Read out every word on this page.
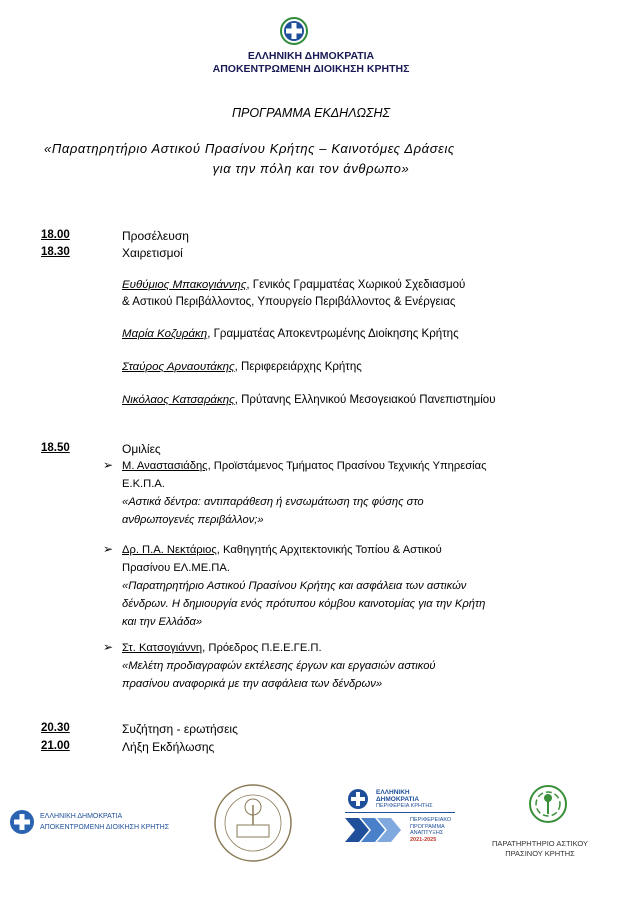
ΕΛΛΗΝΙΚΗ ΔΗΜΟΚΡΑΤΙΑ
ΑΠΟΚΕΝΤΡΩΜΕΝΗ ΔΙΟΙΚΗΣΗ ΚΡΗΤΗΣ
ΠΡΟΓΡΑΜΜΑ ΕΚΔΗΛΩΣΗΣ
«Παρατηρητήριο Αστικού Πρασίνου Κρήτης – Καινοτόμες Δράσεις
για την πόλη και τον άνθρωπο»
18.00	Προσέλευση
18.30	Χαιρετισμοί
Ευθύμιος Μπακογιάννης, Γενικός Γραμματέας Χωρικού Σχεδιασμού
& Αστικού Περιβάλλοντος, Υπουργείο Περιβάλλοντος & Ενέργειας
Μαρία Κοζυράκη, Γραμματέας Αποκεντρωμένης Διοίκησης Κρήτης
Σταύρος Αρναουτάκης, Περιφερειάρχης Κρήτης
Νικόλαος Κατσαράκης, Πρύτανης Ελληνικού Μεσογειακού Πανεπιστημίου
18.50	Ομιλίες
➢ Μ. Αναστασιάδης, Προϊστάμενος Τμήματος Πρασίνου Τεχνικής Υπηρεσίας
Ε.Κ.Π.Α.
«Αστικά δέντρα: αντιπαράθεση ή ενσωμάτωση της φύσης στο
ανθρωπογενές περιβάλλον;»
➢ Δρ. Π.Α. Νεκτάριος, Καθηγητής Αρχιτεκτονικής Τοπίου & Αστικού
Πρασίνου ΕΛ.ΜΕ.ΠΑ.
«Παρατηρητήριο Αστικού Πρασίνου Κρήτης και ασφάλεια των αστικών
δένδρων. Η δημιουργία ενός πρότυπου κόμβου καινοτομίας για την Κρήτη
και την Ελλάδα»
➢ Στ. Κατσογιάννη, Πρόεδρος Π.Ε.Ε.ΓΕ.Π.
«Μελέτη προδιαγραφών εκτέλεσης έργων και εργασιών αστικού
πρασίνου αναφορικά με την ασφάλεια των δένδρων»
20.30	Συζήτηση - ερωτήσεις
21.00	Λήξη Εκδήλωσης
ΕΛΛΗΝΙΚΗ ΔΗΜΟΚΡΑΤΙΑ
ΑΠΟΚΕΝΤΡΩΜΕΝΗ ΔΙΟΙΚΗΣΗ ΚΡΗΤΗΣ
ΕΛΛΗΝΙΚΗ
ΔΗΜΟΚΡΑΤΙΑ
ΠΕΡΙΦΕΡΕΙΑ ΚΡΗΤΗΣ
ΠΕΡΙΦΕΡΕΙΑΚΟ
ΠΡΟΓΡΑΜΜΑ
ΑΝΑΠΤΥΞΗΣ
2021-2025	ΠΑΡΑΤΗΡΗΤΗΡΙΟ ΑΣΤΙΚΟΥ
ΠΡΑΣΙΝΟΥ ΚΡΗΤΗΣ
